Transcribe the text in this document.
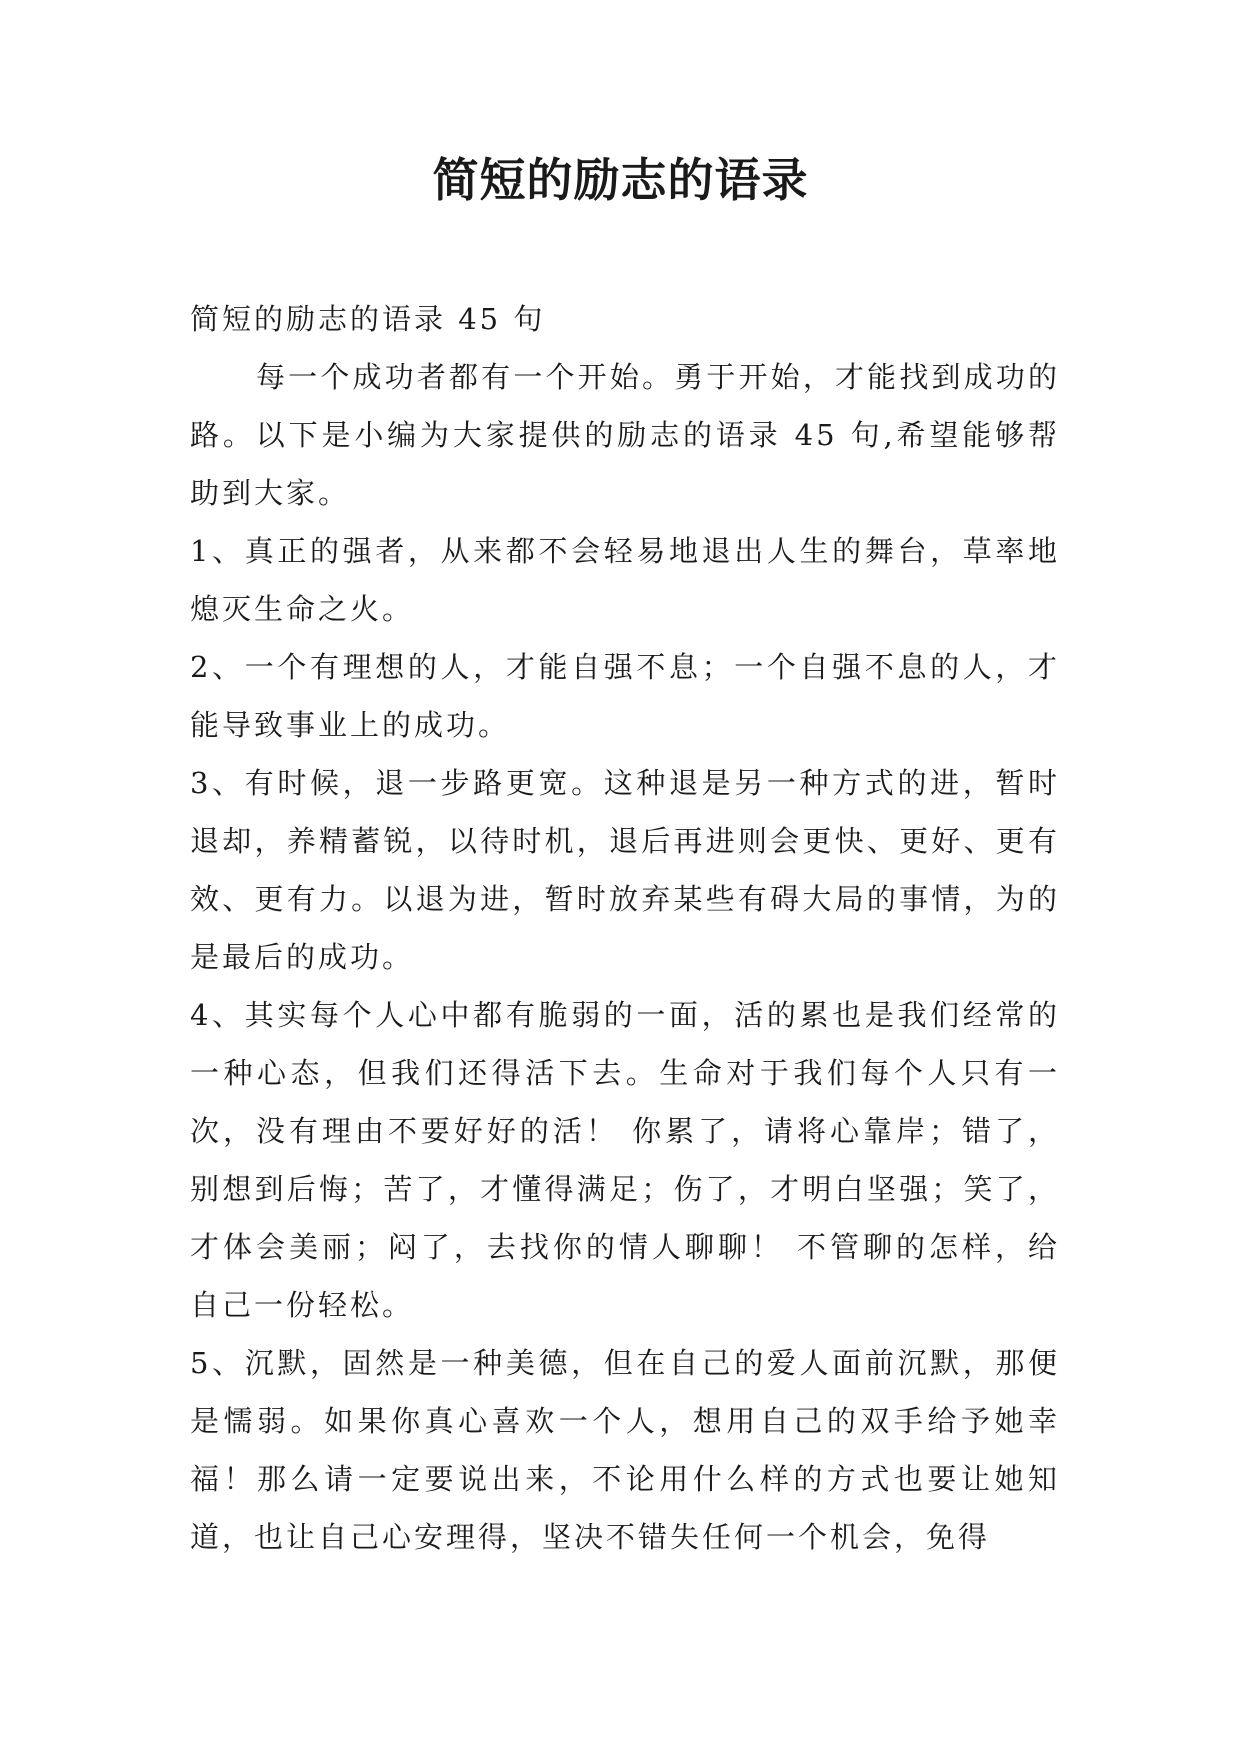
简短的励志的语录

简短的励志的语录 45 句

每一个成功者都有一个开始。勇于开始，才能找到成功的路。以下是小编为大家提供的励志的语录 45 句,希望能够帮助到大家。

1、真正的强者，从来都不会轻易地退出人生的舞台，草率地熄灭生命之火。

2、一个有理想的人，才能自强不息；一个自强不息的人，才能导致事业上的成功。

3、有时候，退一步路更宽。这种退是另一种方式的进，暂时退却，养精蓄锐，以待时机，退后再进则会更快、更好、更有效、更有力。以退为进，暂时放弃某些有碍大局的事情，为的是最后的成功。

4、其实每个人心中都有脆弱的一面，活的累也是我们经常的一种心态，但我们还得活下去。生命对于我们每个人只有一次，没有理由不要好好的活！ 你累了，请将心靠岸；错了，别想到后悔；苦了，才懂得满足；伤了，才明白坚强；笑了，才体会美丽；闷了，去找你的情人聊聊！ 不管聊的怎样，给自己一份轻松。

5、沉默，固然是一种美德，但在自己的爱人面前沉默，那便是懦弱。如果你真心喜欢一个人，想用自己的双手给予她幸福！那么请一定要说出来，不论用什么样的方式也要让她知道，也让自己心安理得，坚决不错失任何一个机会，免得
